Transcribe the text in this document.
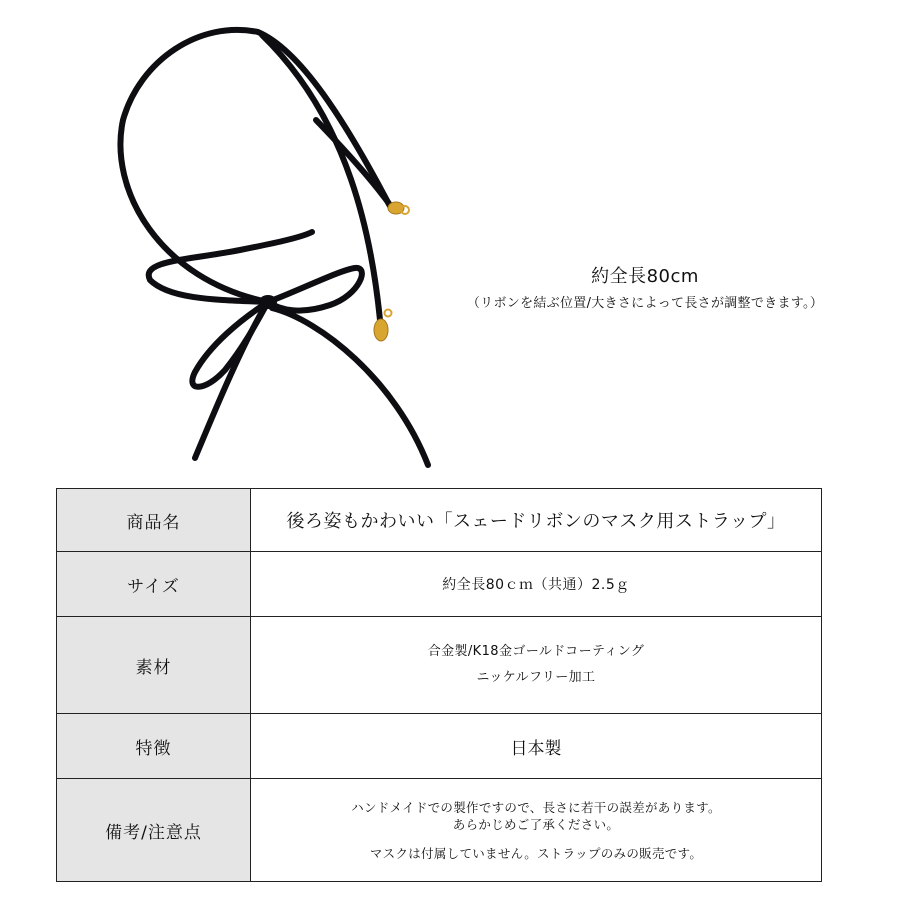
約全長80cm
（リボンを結ぶ位置/大きさによって長さが調整できます。）
商品名	後ろ姿もかわいい「スェードリボンのマスク用ストラップ」

サイズ	約全長80ｃｍ（共通）2.5ｇ

素材	合金製/K18金ゴールドコーティング
ニッケルフリー加工

特徴	日本製

備考/注意点	ハンドメイドでの製作ですので、長さに若干の誤差があります。
あらかじめご了承ください。
マスクは付属していません。ストラップのみの販売です。
